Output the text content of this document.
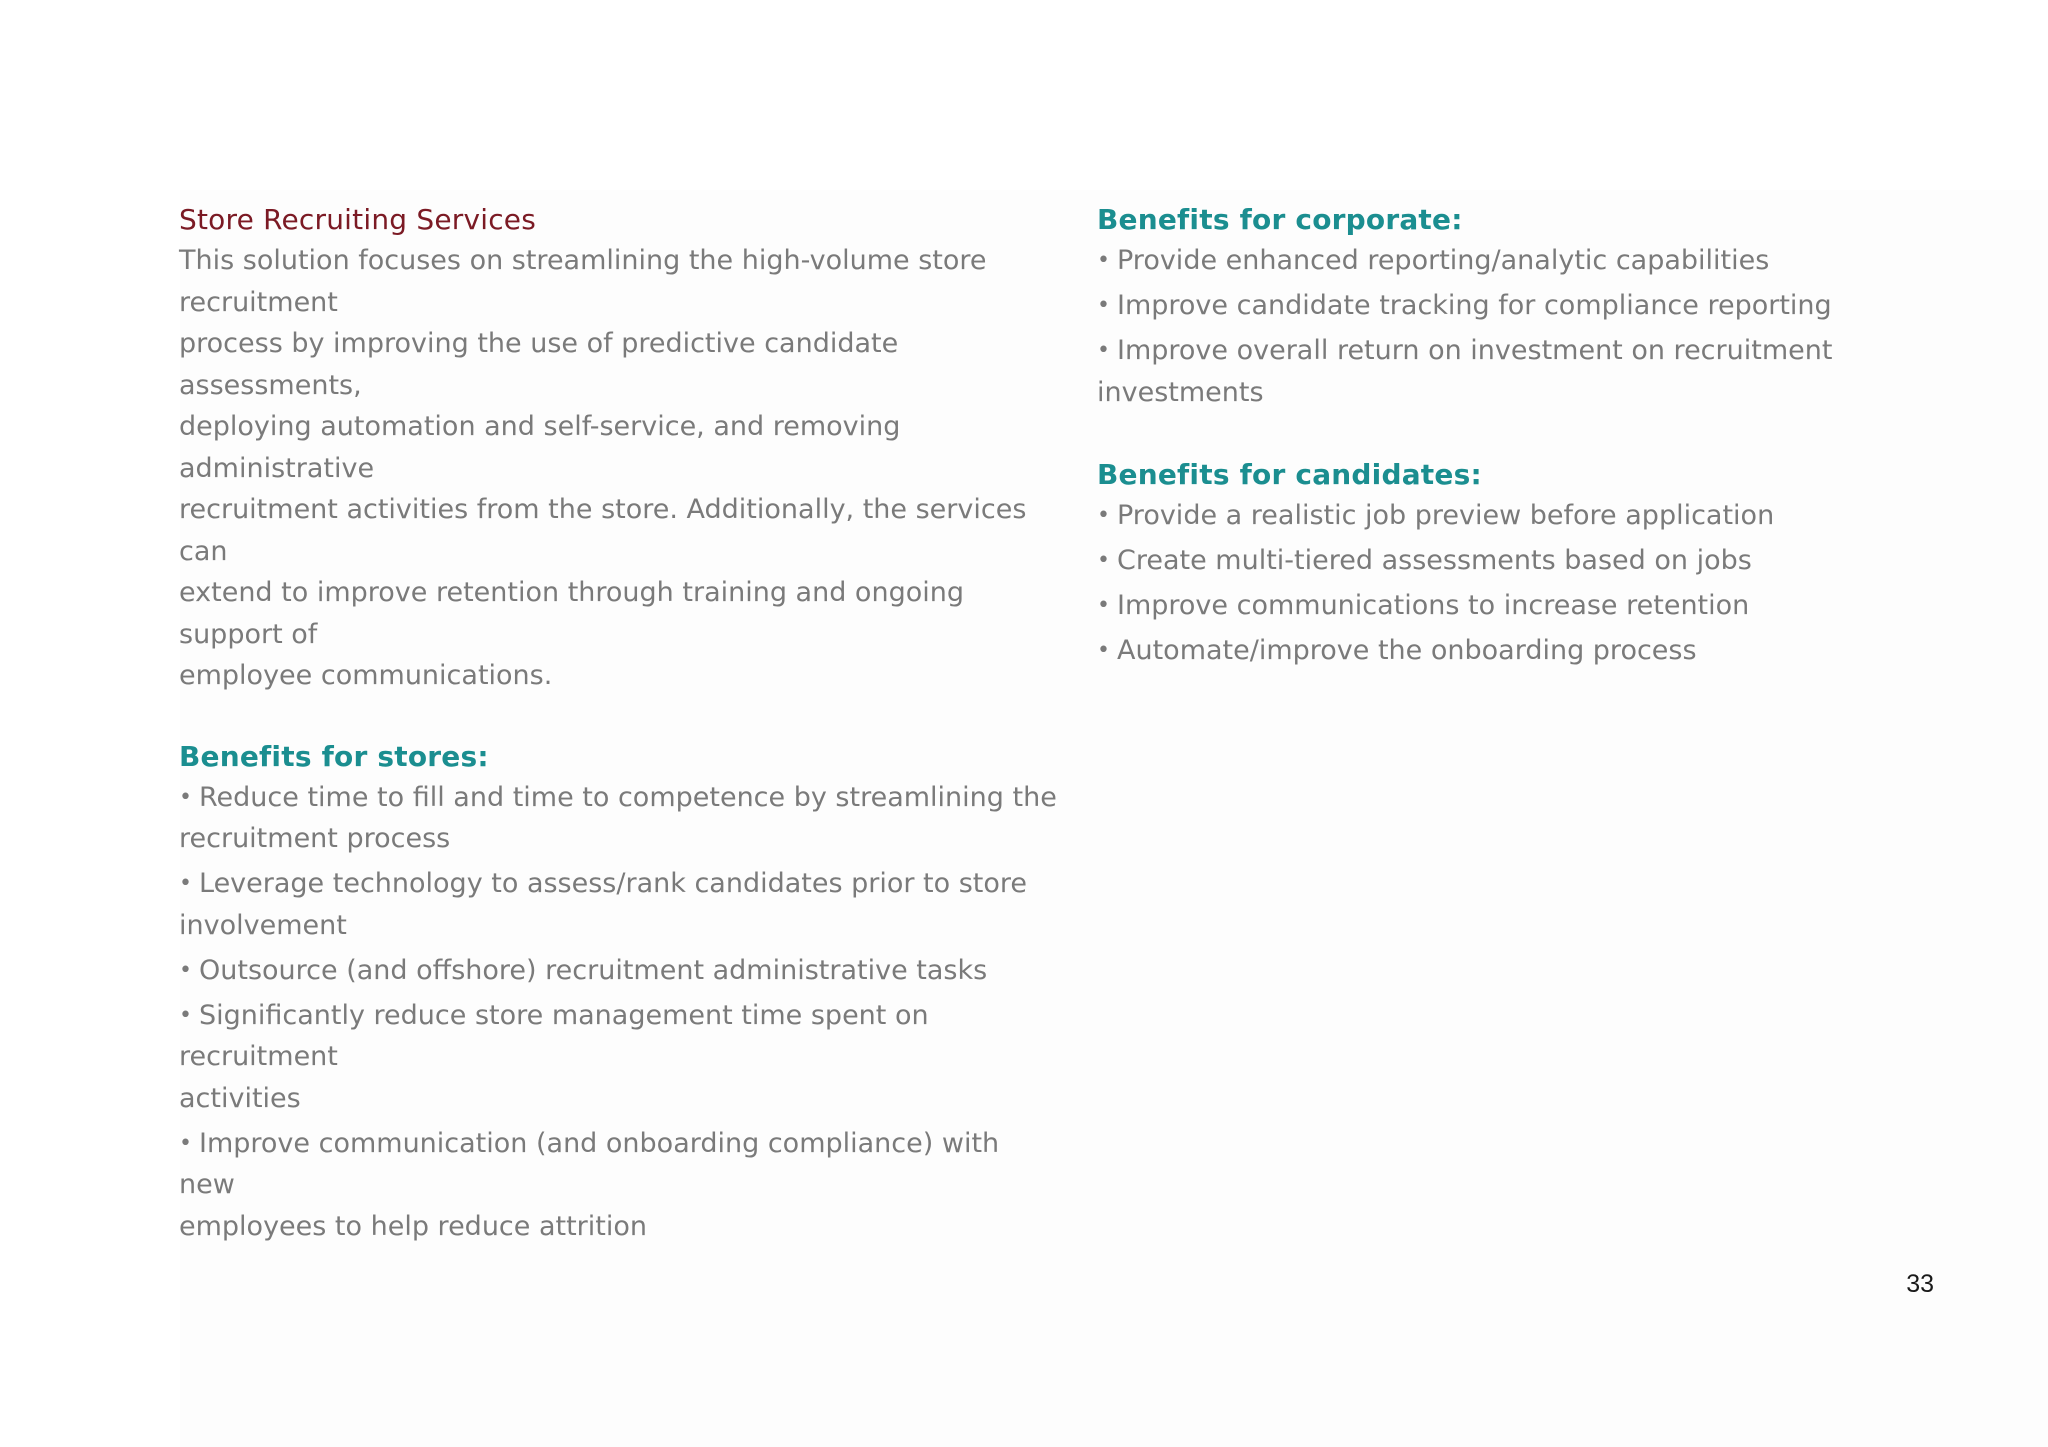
Store Recruiting Services

This solution focuses on streamlining the high-volume store recruitment
process by improving the use of predictive candidate assessments,
deploying automation and self-service, and removing administrative
recruitment activities from the store. Additionally, the services can
extend to improve retention through training and ongoing support of
employee communications.

Benefits for stores:
• Reduce time to fill and time to competence by streamlining the
recruitment process
• Leverage technology to assess/rank candidates prior to store
involvement
• Outsource (and offshore) recruitment administrative tasks
• Significantly reduce store management time spent on recruitment
activities
• Improve communication (and onboarding compliance) with new
employees to help reduce attrition
Benefits for corporate:
• Provide enhanced reporting/analytic capabilities
• Improve candidate tracking for compliance reporting
• Improve overall return on investment on recruitment investments
Benefits for candidates:
• Provide a realistic job preview before application
• Create multi-tiered assessments based on jobs
• Improve communications to increase retention
• Automate/improve the onboarding process
33
